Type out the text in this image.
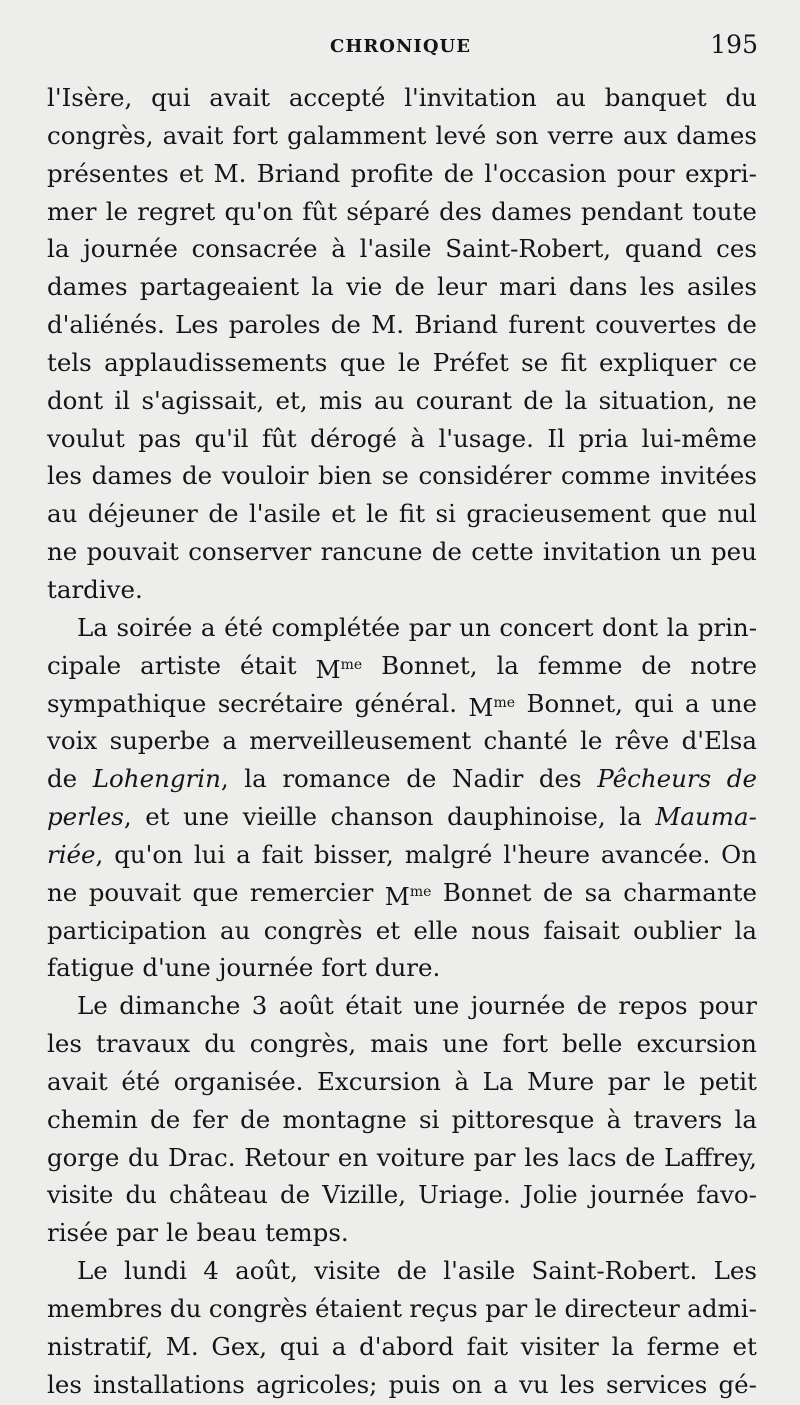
CHRONIQUE	195
l'Isère, qui avait accepté l'invitation au banquet du
congrès, avait fort galamment levé son verre aux dames
présentes et M. Briand profite de l'occasion pour expri-
mer le regret qu'on fût séparé des dames pendant toute
la journée consacrée à l'asile Saint-Robert, quand ces
dames partageaient la vie de leur mari dans les asiles
d'aliénés. Les paroles de M. Briand furent couvertes de
tels applaudissements que le Préfet se fit expliquer ce
dont il s'agissait, et, mis au courant de la situation, ne
voulut pas qu'il fût dérogé à l'usage. Il pria lui-même
les dames de vouloir bien se considérer comme invitées
au déjeuner de l'asile et le fit si gracieusement que nul
ne pouvait conserver rancune de cette invitation un peu
tardive.
La soirée a été complétée par un concert dont la prin-
cipale artiste était $M^{me}$ Bonnet, la femme de notre
sympathique secrétaire général. $M^{me}$ Bonnet, qui a une
voix superbe a merveilleusement chanté le rêve d'Elsa
de Lohengrin, la romance de Nadir des Pêcheurs de
perles, et une vieille chanson dauphinoise, la Mauma-
riée, qu'on lui a fait bisser, malgré l'heure avancée. On
ne pouvait que remercier $M^{me}$ Bonnet de sa charmante
participation au congrès et elle nous faisait oublier la
fatigue d'une journée fort dure.
Le dimanche 3 août était une journée de repos pour
les travaux du congrès, mais une fort belle excursion
avait été organisée. Excursion à La Mure par le petit
chemin de fer de montagne si pittoresque à travers la
gorge du Drac. Retour en voiture par les lacs de Laffrey,
visite du château de Vizille, Uriage. Jolie journée favo-
risée par le beau temps.
Le lundi 4 août, visite de l'asile Saint-Robert. Les
membres du congrès étaient reçus par le directeur admi-
nistratif, M. Gex, qui a d'abord fait visiter la ferme et
les installations agricoles; puis on a vu les services gé-
